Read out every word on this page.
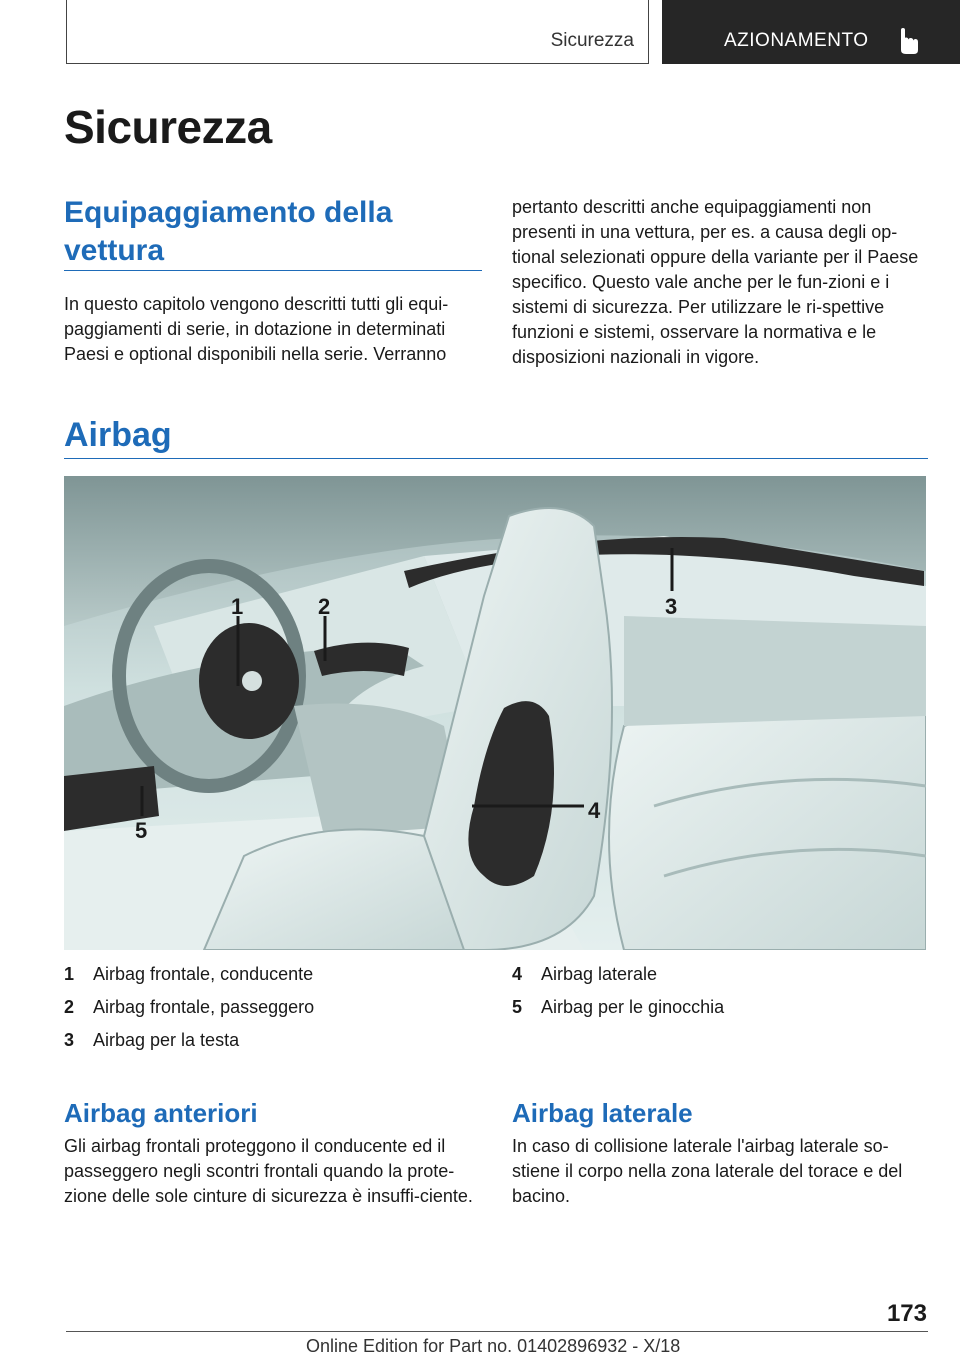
Sicurezza	AZIONAMENTO
Sicurezza
Equipaggiamento della vettura
In questo capitolo vengono descritti tutti gli equi-paggiamenti di serie, in dotazione in determinati Paesi e optional disponibili nella serie. Verranno
pertanto descritti anche equipaggiamenti non presenti in una vettura, per es. a causa degli op-tional selezionati oppure della variante per il Paese specifico. Questo vale anche per le fun-zioni e i sistemi di sicurezza. Per utilizzare le ri-spettive funzioni e sistemi, osservare la normativa e le disposizioni nazionali in vigore.
Airbag
1	2	3
4
5
1 Airbag frontale, conducente
2 Airbag frontale, passeggero
3 Airbag per la testa
4 Airbag laterale
5 Airbag per le ginocchia
Airbag anteriori
Gli airbag frontali proteggono il conducente ed il passeggero negli scontri frontali quando la prote-zione delle sole cinture di sicurezza è insuffi-ciente.
Airbag laterale
In caso di collisione laterale l'airbag laterale so-stiene il corpo nella zona laterale del torace e del bacino.
173
Online Edition for Part no. 01402896932 - X/18
